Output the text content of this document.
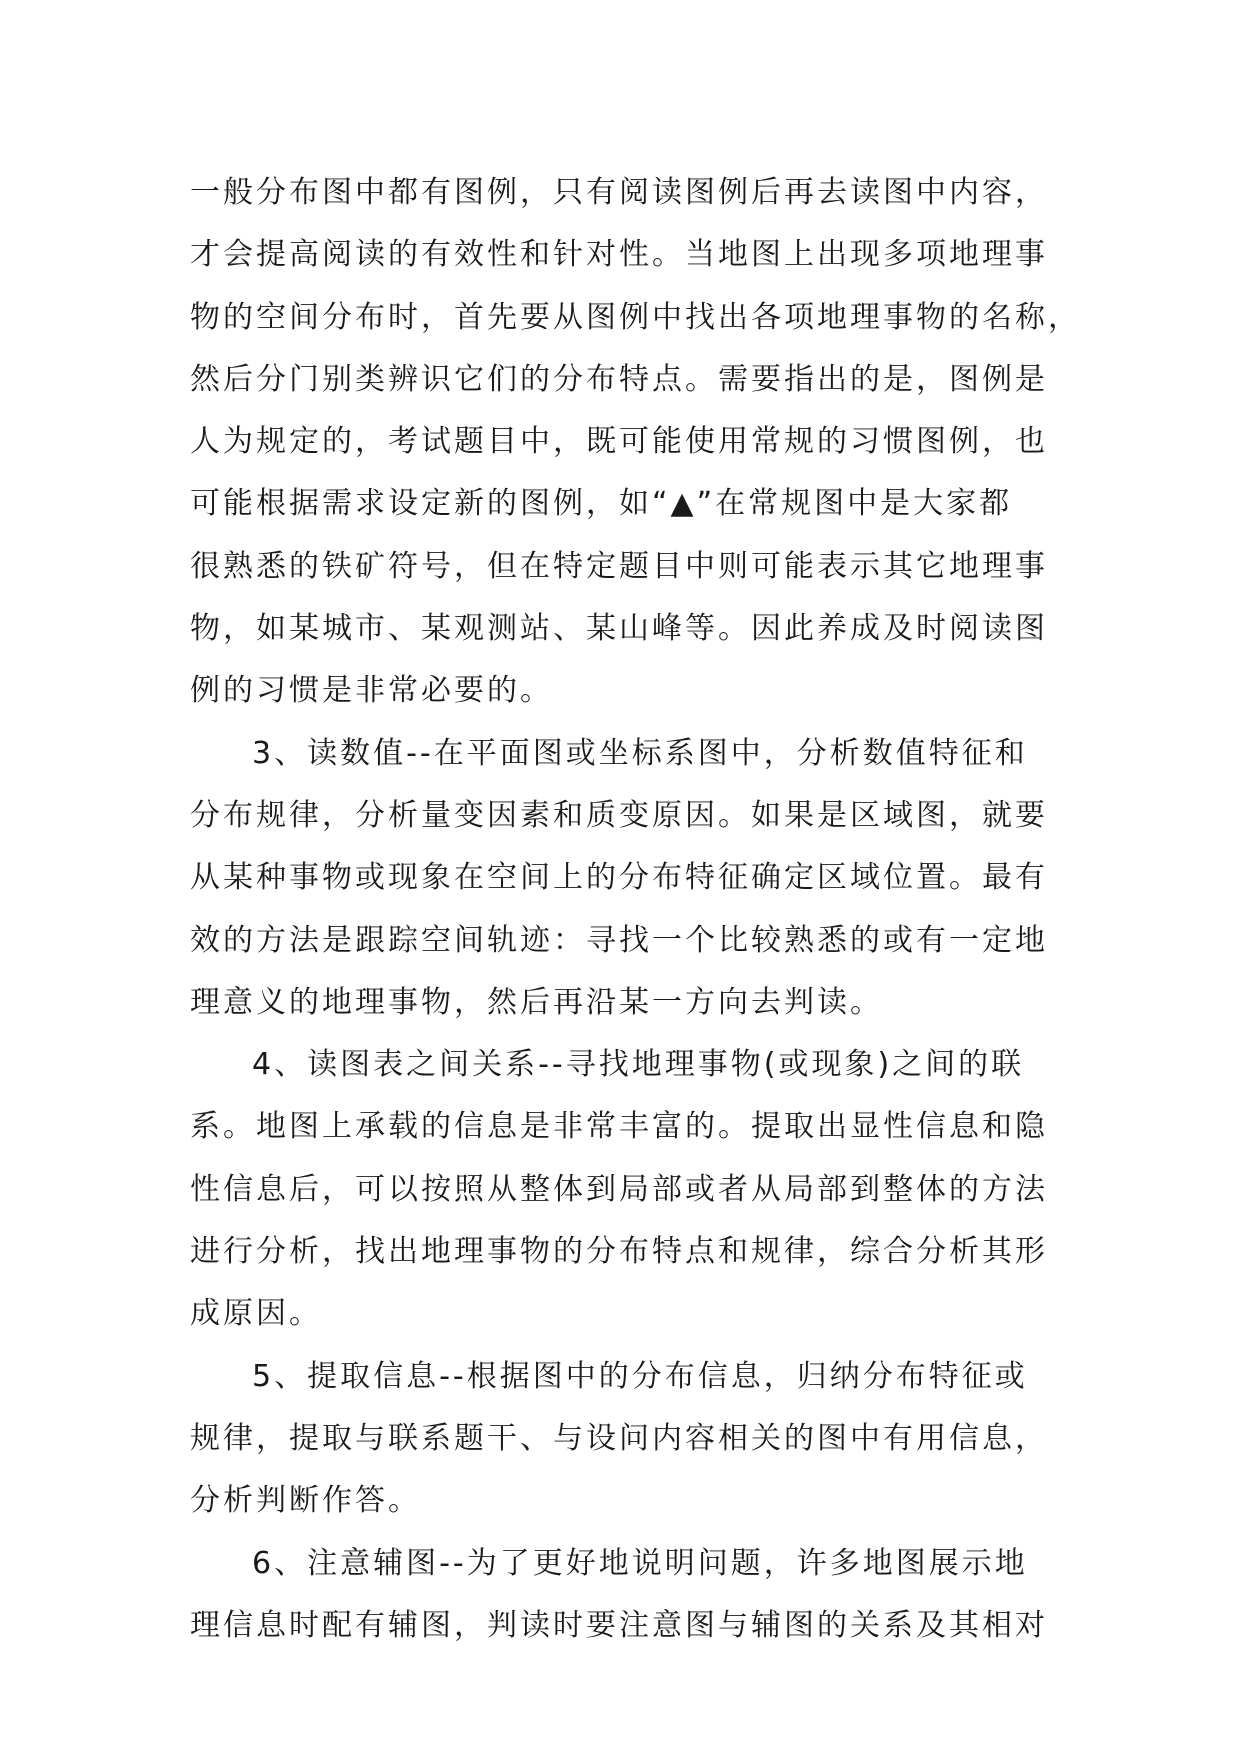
一般分布图中都有图例，只有阅读图例后再去读图中内容，
才会提高阅读的有效性和针对性。当地图上出现多项地理事
物的空间分布时，首先要从图例中找出各项地理事物的名称，
然后分门别类辨识它们的分布特点。需要指出的是，图例是
人为规定的，考试题目中，既可能使用常规的习惯图例，也
可能根据需求设定新的图例，如“▲”在常规图中是大家都
很熟悉的铁矿符号，但在特定题目中则可能表示其它地理事
物，如某城市、某观测站、某山峰等。因此养成及时阅读图
例的习惯是非常必要的。
3、读数值--在平面图或坐标系图中，分析数值特征和
分布规律，分析量变因素和质变原因。如果是区域图，就要
从某种事物或现象在空间上的分布特征确定区域位置。最有
效的方法是跟踪空间轨迹：寻找一个比较熟悉的或有一定地
理意义的地理事物，然后再沿某一方向去判读。
4、读图表之间关系--寻找地理事物(或现象)之间的联
系。地图上承载的信息是非常丰富的。提取出显性信息和隐
性信息后，可以按照从整体到局部或者从局部到整体的方法
进行分析，找出地理事物的分布特点和规律，综合分析其形
成原因。
5、提取信息--根据图中的分布信息，归纳分布特征或
规律，提取与联系题干、与设问内容相关的图中有用信息，
分析判断作答。
6、注意辅图--为了更好地说明问题，许多地图展示地
理信息时配有辅图，判读时要注意图与辅图的关系及其相对
